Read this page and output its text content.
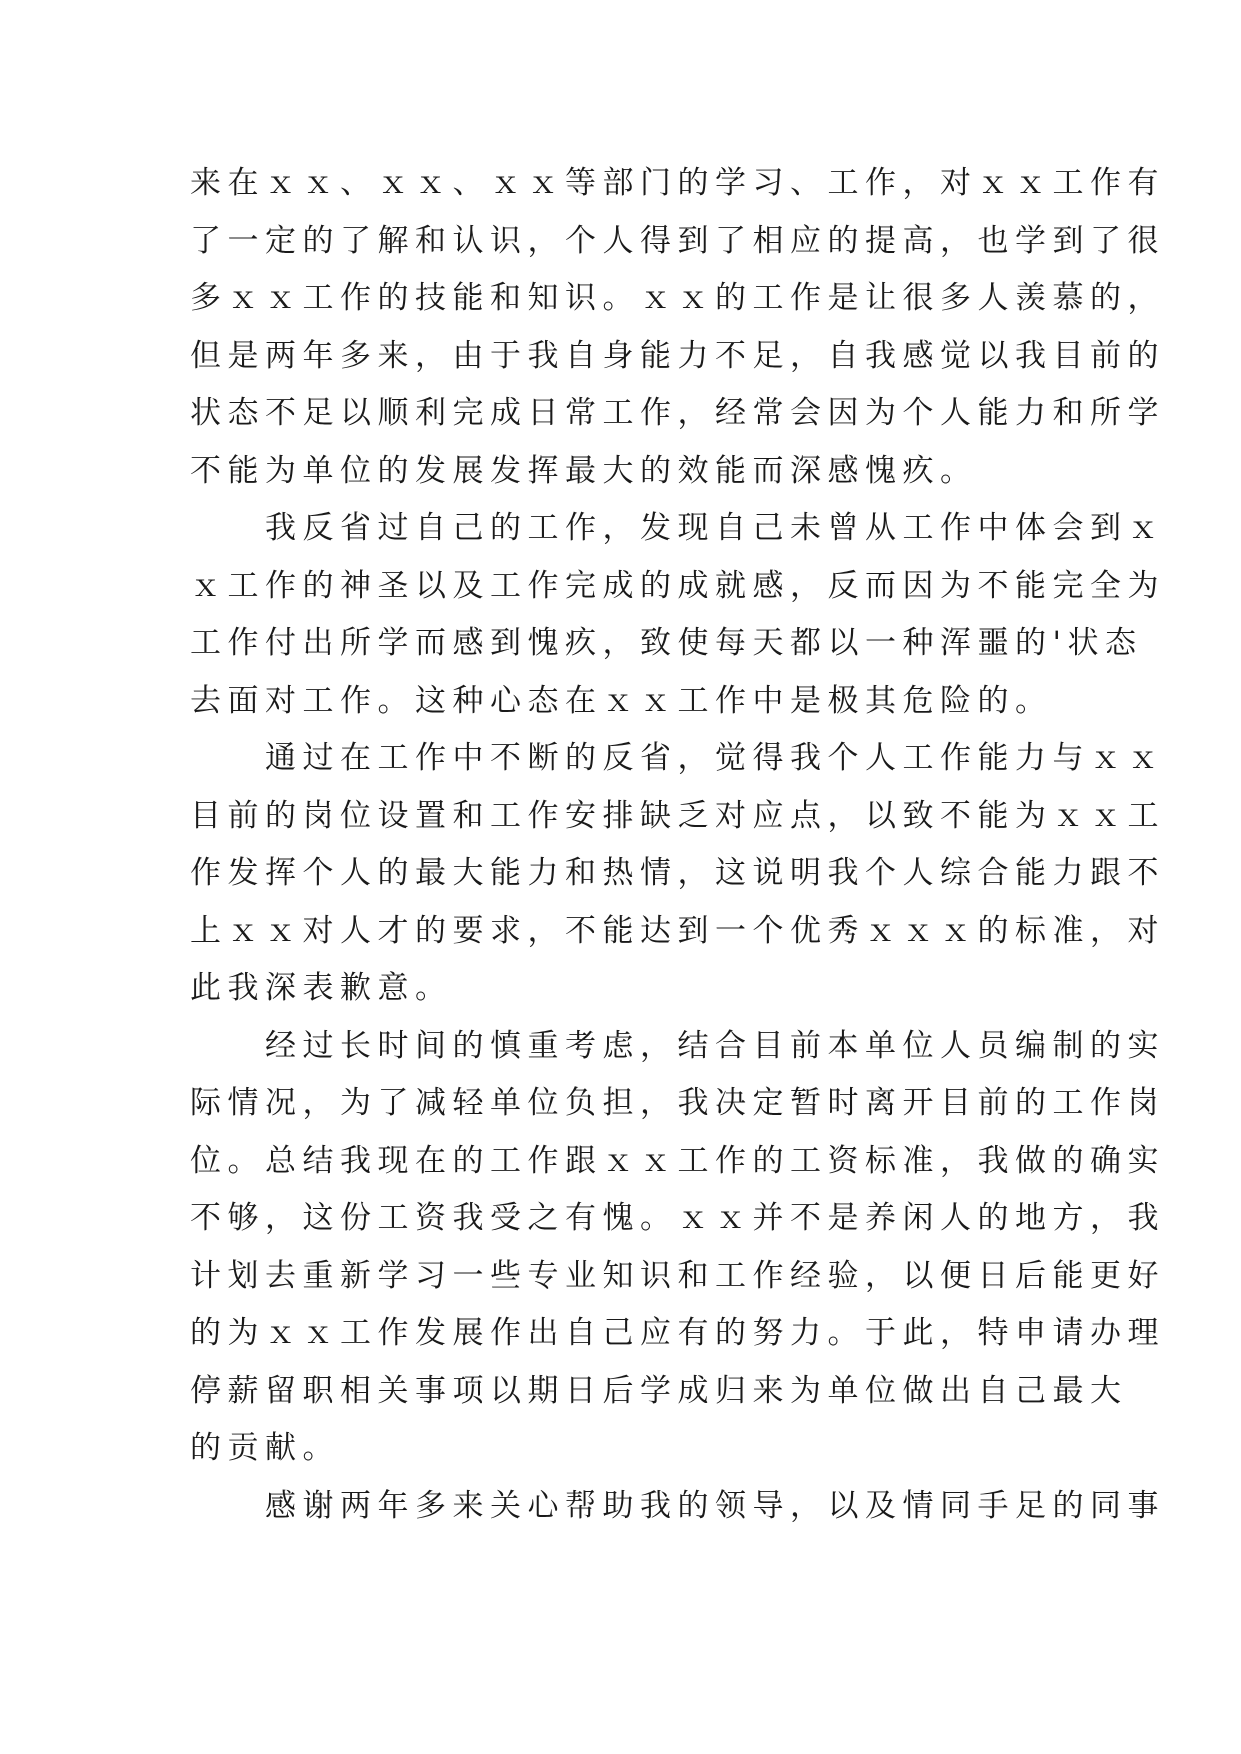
来在ｘｘ、ｘｘ、ｘｘ等部门的学习、工作，对ｘｘ工作有
了一定的了解和认识，个人得到了相应的提高，也学到了很
多ｘｘ工作的技能和知识。ｘｘ的工作是让很多人羡慕的，
但是两年多来，由于我自身能力不足，自我感觉以我目前的
状态不足以顺利完成日常工作，经常会因为个人能力和所学
不能为单位的发展发挥最大的效能而深感愧疚。
　　我反省过自己的工作，发现自己未曾从工作中体会到ｘ
ｘ工作的神圣以及工作完成的成就感，反而因为不能完全为
工作付出所学而感到愧疚，致使每天都以一种浑噩的'状态
去面对工作。这种心态在ｘｘ工作中是极其危险的。
　　通过在工作中不断的反省，觉得我个人工作能力与ｘｘ
目前的岗位设置和工作安排缺乏对应点，以致不能为ｘｘ工
作发挥个人的最大能力和热情，这说明我个人综合能力跟不
上ｘｘ对人才的要求，不能达到一个优秀ｘｘｘ的标准，对
此我深表歉意。
　　经过长时间的慎重考虑，结合目前本单位人员编制的实
际情况，为了减轻单位负担，我决定暂时离开目前的工作岗
位。总结我现在的工作跟ｘｘ工作的工资标准，我做的确实
不够，这份工资我受之有愧。ｘｘ并不是养闲人的地方，我
计划去重新学习一些专业知识和工作经验，以便日后能更好
的为ｘｘ工作发展作出自己应有的努力。于此，特申请办理
停薪留职相关事项以期日后学成归来为单位做出自己最大
的贡献。
　　感谢两年多来关心帮助我的领导，以及情同手足的同事
